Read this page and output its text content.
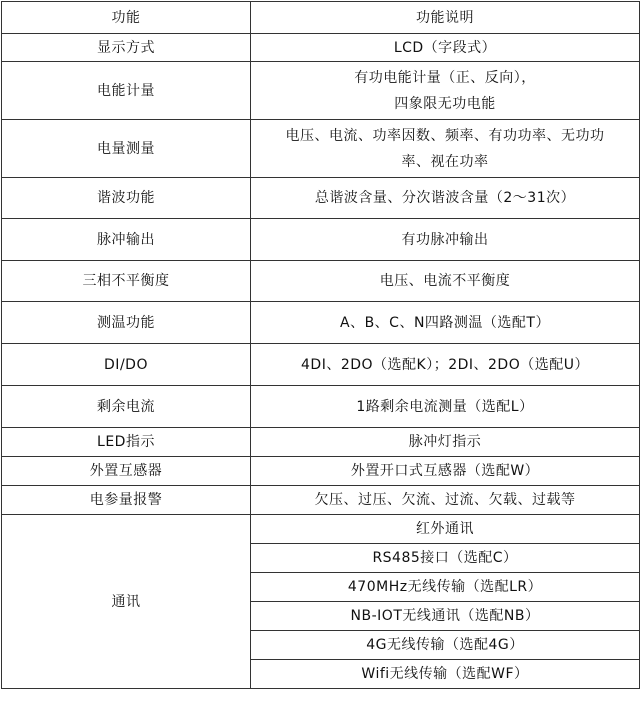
功能	功能说明
显示方式	LCD（字段式）

电能计量	有功电能计量（正、反向），
四象限无功电能

电量测量	电压、电流、功率因数、频率、有功功率、无功功
率、视在功率

谐波功能	总谐波含量、分次谐波含量（2～31次）

脉冲输出	有功脉冲输出

三相不平衡度	电压、电流不平衡度

测温功能	A、B、C、N四路测温（选配T）

DI/DO	4DI、2DO（选配K）；2DI、2DO（选配U）

剩余电流	1路剩余电流测量（选配L）

LED指示	脉冲灯指示

外置互感器	外置开口式互感器（选配W）

电参量报警	欠压、过压、欠流、过流、欠载、过载等

通讯	红外通讯
	RS485接口（选配C）
	470MHz无线传输（选配LR）
	NB-IOT无线通讯（选配NB）
	4G无线传输（选配4G）
	Wifi无线传输（选配WF）
